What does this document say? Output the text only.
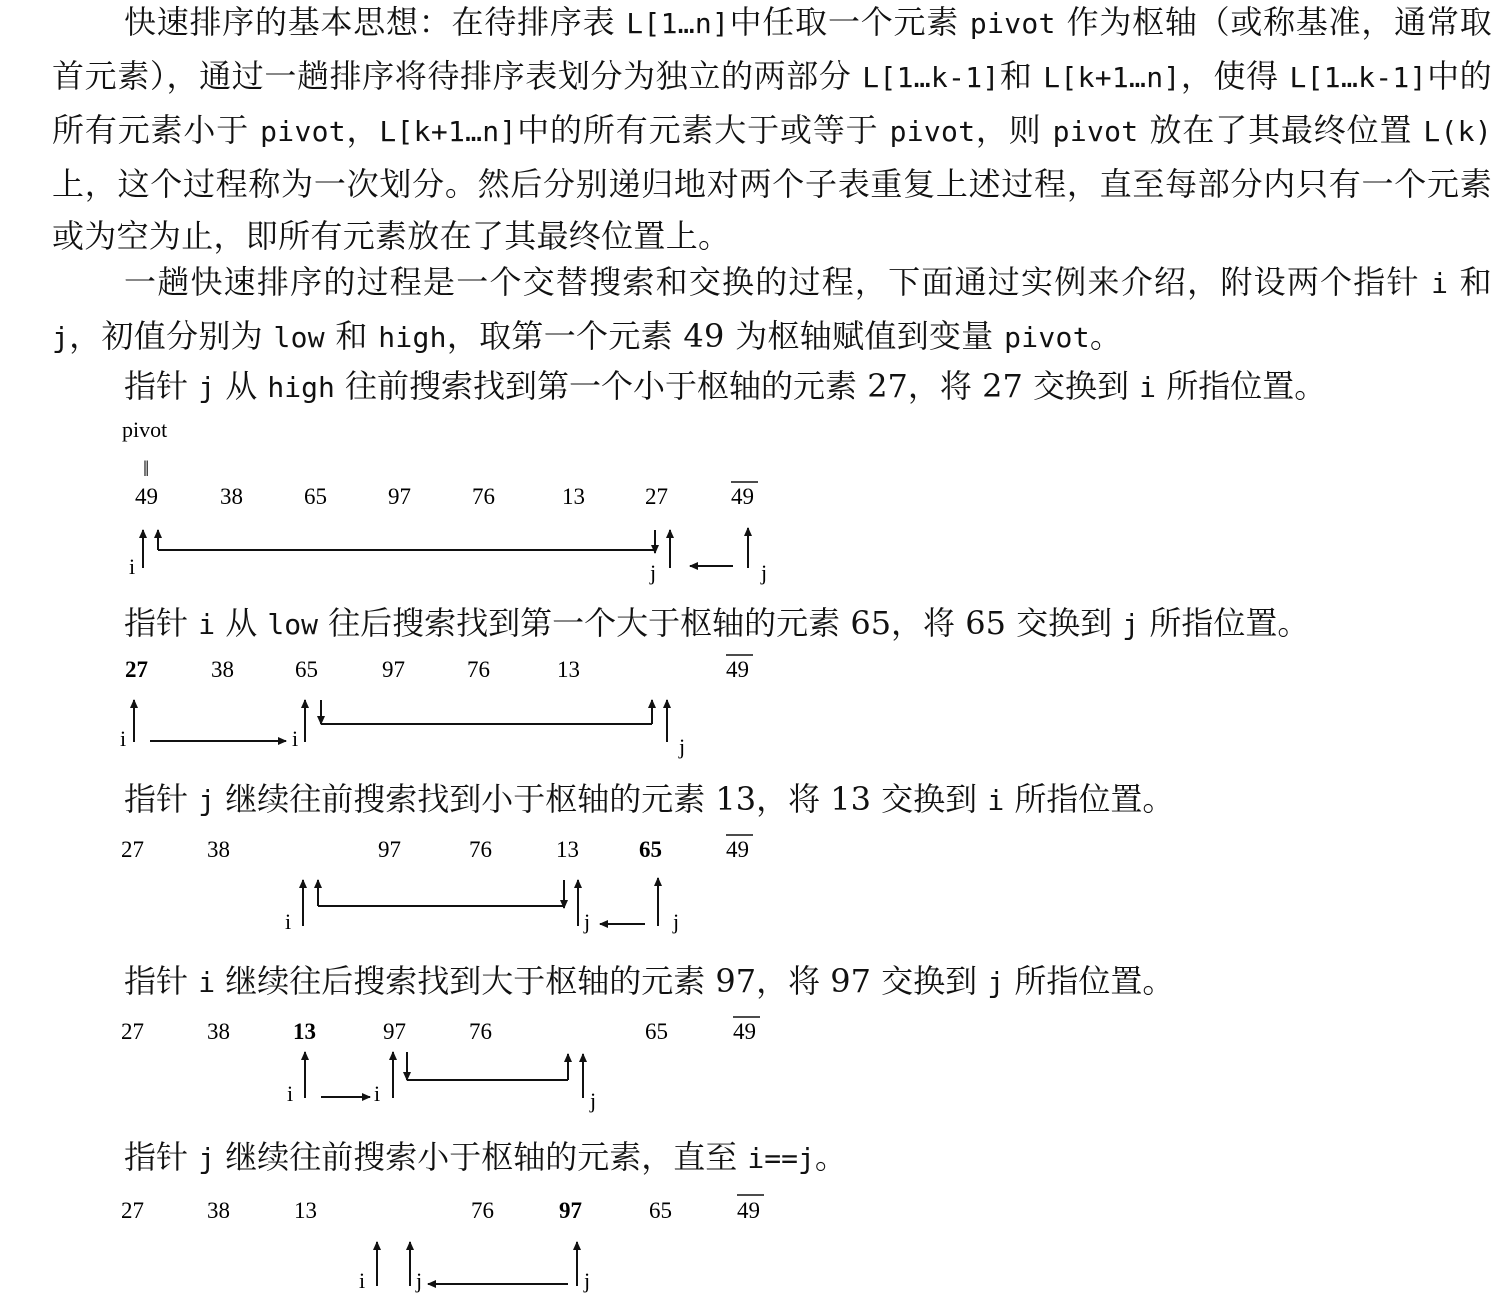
快速排序的基本思想：在待排序表 L[1…n]中任取一个元素 pivot 作为枢轴（或称基准，通常取首元素），通过一趟排序将待排序表划分为独立的两部分 L[1…k-1]和 L[k+1…n]，使得 L[1…k-1]中的所有元素小于 pivot，L[k+1…n]中的所有元素大于或等于 pivot，则 pivot 放在了其最终位置 L(k)上，这个过程称为一次划分。然后分别递归地对两个子表重复上述过程，直至每部分内只有一个元素或为空为止，即所有元素放在了其最终位置上。

一趟快速排序的过程是一个交替搜索和交换的过程，下面通过实例来介绍，附设两个指针 i 和 j，初值分别为 low 和 high，取第一个元素 49 为枢轴赋值到变量 pivot。

指针 j 从 high 往前搜索找到第一个小于枢轴的元素 27，将 27 交换到 i 所指位置。
指针 i 从 low 往后搜索找到第一个大于枢轴的元素 65，将 65 交换到 j 所指位置。
指针 j 继续往前搜索找到小于枢轴的元素 13，将 13 交换到 i 所指位置。
指针 i 继续往后搜索找到大于枢轴的元素 97，将 97 交换到 j 所指位置。
指针 j 继续往前搜索小于枢轴的元素，直至 i==j。
pivot
‖
49	38	65	97	76	13	27	49
i	j	j
27	38	65	97	76	13	49
i	i	j
27	38	97	76	13	65	49
i	j	j
27	38	13	97	76	65	49
i	i	j
27	38	13	76	97	65	49
i j	j
